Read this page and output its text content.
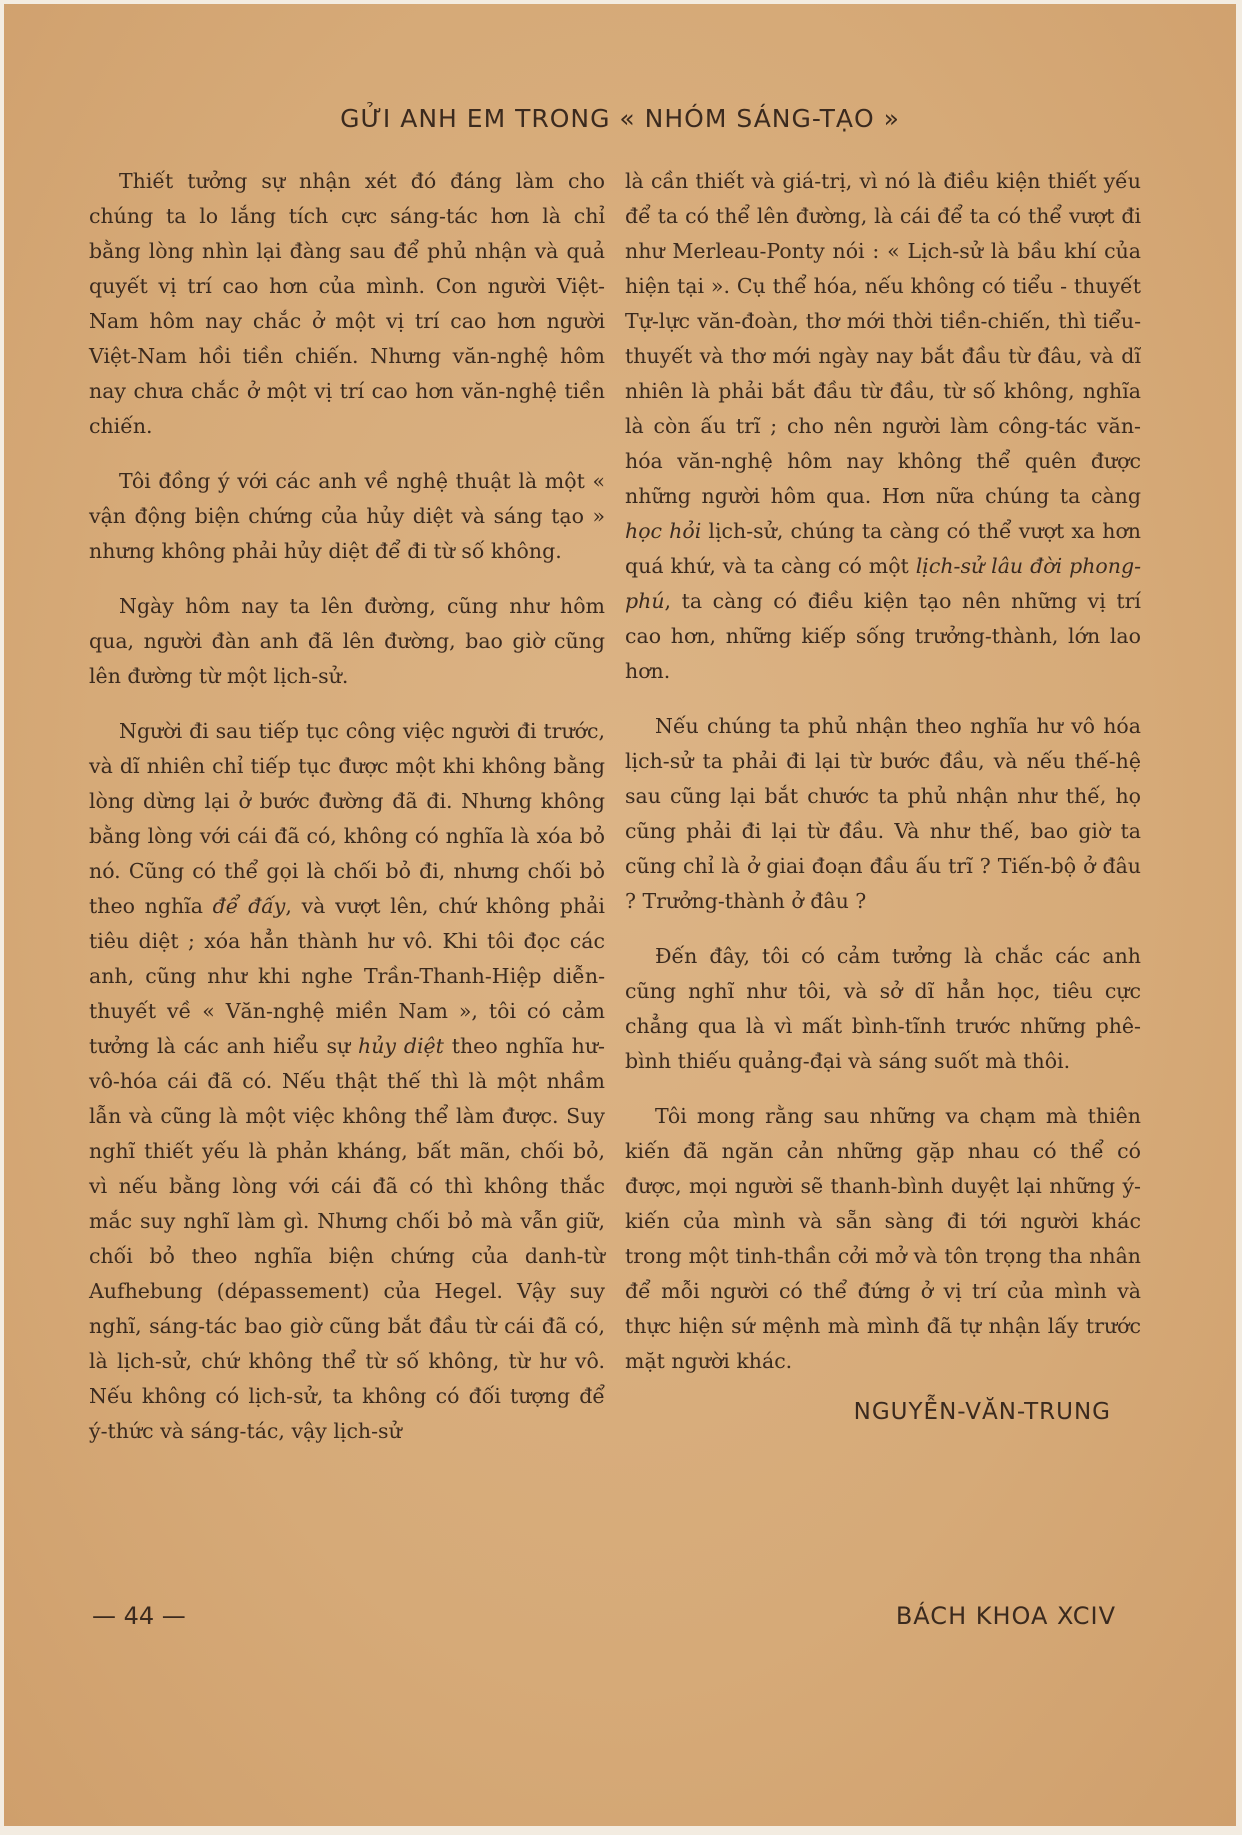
GỬI ANH EM TRONG « NHÓM SÁNG-TẠO »

Thiết tưởng sự nhận xét đó đáng làm cho chúng ta lo lắng tích cực sáng-tác hơn là chỉ bằng lòng nhìn lại đàng sau để phủ nhận và quả quyết vị trí cao hơn của mình. Con người Việt-Nam hôm nay chắc ở một vị trí cao hơn người Việt-Nam hồi tiền chiến. Nhưng văn-nghệ hôm nay chưa chắc ở một vị trí cao hơn văn-nghệ tiền chiến.

Tôi đồng ý với các anh về nghệ thuật là một « vận động biện chứng của hủy diệt và sáng tạo » nhưng không phải hủy diệt để đi từ số không.

Ngày hôm nay ta lên đường, cũng như hôm qua, người đàn anh đã lên đường, bao giờ cũng lên đường từ một lịch-sử.

Người đi sau tiếp tục công việc người đi trước, và dĩ nhiên chỉ tiếp tục được một khi không bằng lòng dừng lại ở bước đường đã đi. Nhưng không bằng lòng với cái đã có, không có nghĩa là xóa bỏ nó. Cũng có thể gọi là chối bỏ đi, nhưng chối bỏ theo nghĩa để đấy, và vượt lên, chứ không phải tiêu diệt ; xóa hẳn thành hư vô. Khi tôi đọc các anh, cũng như khi nghe Trần-Thanh-Hiệp diễn-thuyết về « Văn-nghệ miền Nam », tôi có cảm tưởng là các anh hiểu sự hủy diệt theo nghĩa hư-vô-hóa cái đã có. Nếu thật thế thì là một nhầm lẫn và cũng là một việc không thể làm được. Suy nghĩ thiết yếu là phản kháng, bất mãn, chối bỏ, vì nếu bằng lòng với cái đã có thì không thắc mắc suy nghĩ làm gì. Nhưng chối bỏ mà vẫn giữ, chối bỏ theo nghĩa biện chứng của danh-từ Aufhebung (dépassement) của Hegel. Vậy suy nghĩ, sáng-tác bao giờ cũng bắt đầu từ cái đã có, là lịch-sử, chứ không thể từ số không, từ hư vô. Nếu không có lịch-sử, ta không có đối tượng để ý-thức và sáng-tác, vậy lịch-sử

là cần thiết và giá-trị, vì nó là điều kiện thiết yếu để ta có thể lên đường, là cái để ta có thể vượt đi như Merleau-Ponty nói : « Lịch-sử là bầu khí của hiện tại ». Cụ thể hóa, nếu không có tiểu - thuyết Tự-lực văn-đoàn, thơ mới thời tiền-chiến, thì tiểu-thuyết và thơ mới ngày nay bắt đầu từ đâu, và dĩ nhiên là phải bắt đầu từ đầu, từ số không, nghĩa là còn ấu trĩ ; cho nên người làm công-tác văn-hóa văn-nghệ hôm nay không thể quên được những người hôm qua. Hơn nữa chúng ta càng học hỏi lịch-sử, chúng ta càng có thể vượt xa hơn quá khứ, và ta càng có một lịch-sử lâu đời phong-phú, ta càng có điều kiện tạo nên những vị trí cao hơn, những kiếp sống trưởng-thành, lớn lao hơn.

Nếu chúng ta phủ nhận theo nghĩa hư vô hóa lịch-sử ta phải đi lại từ bước đầu, và nếu thế-hệ sau cũng lại bắt chước ta phủ nhận như thế, họ cũng phải đi lại từ đầu. Và như thế, bao giờ ta cũng chỉ là ở giai đoạn đầu ấu trĩ ? Tiến-bộ ở đâu ? Trưởng-thành ở đâu ?

Đến đây, tôi có cảm tưởng là chắc các anh cũng nghĩ như tôi, và sở dĩ hẳn học, tiêu cực chẳng qua là vì mất bình-tĩnh trước những phê-bình thiếu quảng-đại và sáng suốt mà thôi.

Tôi mong rằng sau những va chạm mà thiên kiến đã ngăn cản những gặp nhau có thể có được, mọi người sẽ thanh-bình duyệt lại những ý-kiến của mình và sẵn sàng đi tới người khác trong một tinh-thần cởi mở và tôn trọng tha nhân để mỗi người có thể đứng ở vị trí của mình và thực hiện sứ mệnh mà mình đã tự nhận lấy trước mặt người khác.

NGUYỄN-VĂN-TRUNG
— 44 —	BÁCH KHOA XCIV
